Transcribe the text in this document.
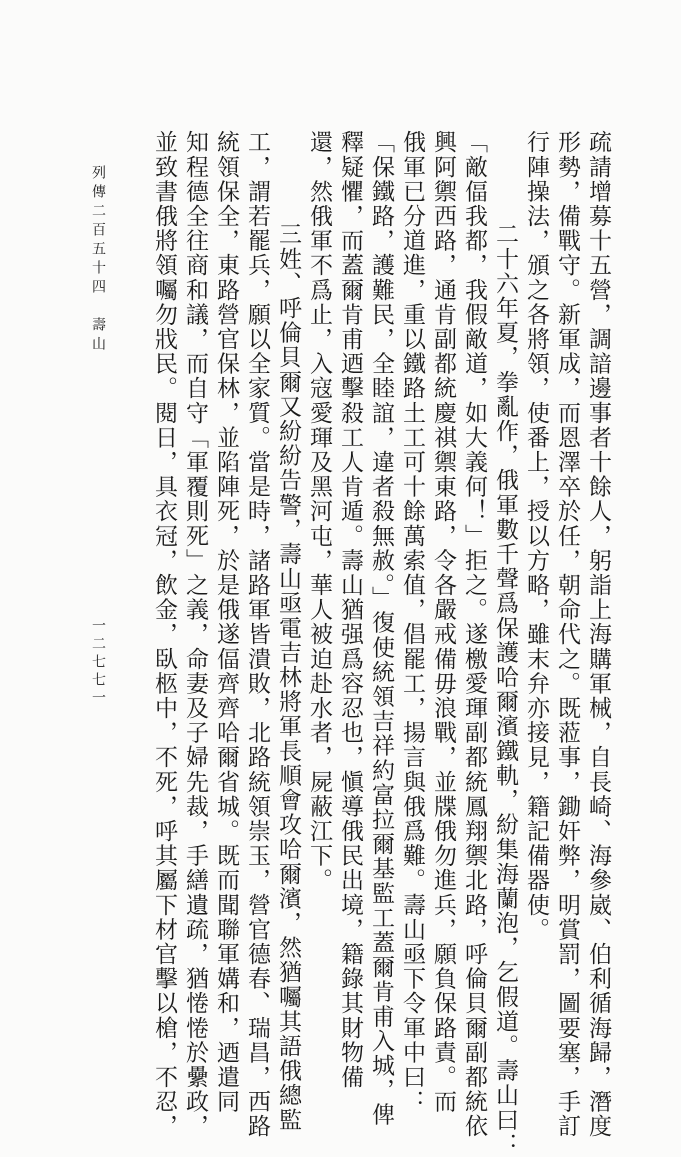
疏請增募十五營，調諳邊事者十餘人，躬詣上海購軍械，自長崎、海參崴、伯利循海歸，潛度
形勢，備戰守。新軍成，而恩澤卒於任，朝命代之。既蒞事，鋤奸弊，明賞罰，圖要塞，手訂
行陣操法，頒之各將領，使番上，授以方略，雖末弁亦接見，籍記備器使。
二十六年夏，拳亂作，俄軍數千聲爲保護哈爾濱鐵軌，紛集海蘭泡，乞假道。壽山曰：
「敵偪我都，我假敵道，如大義何！」拒之。遂檄愛琿副都統鳳翔禦北路，呼倫貝爾副都統依
興阿禦西路，通肯副都統慶祺禦東路，令各嚴戒備毋浪戰，並牒俄勿進兵，願負保路責。而
俄軍已分道進，重以鐵路土工可十餘萬索值，倡罷工，揚言與俄爲難。壽山亟下令軍中曰：
「保鐵路，護難民，全睦誼，違者殺無赦。」復使統領吉祥約富拉爾基監工蓋爾肯甫入城，俾
釋疑懼，而蓋爾肯甫迺擊殺工人肯遁。壽山猶强爲容忍也，愼導俄民出境，籍錄其財物備
還，然俄軍不爲止，入寇愛琿及黑河屯，華人被迫赴水者，屍蔽江下。
三姓、呼倫貝爾又紛紛告警，壽山亟電吉林將軍長順會攻哈爾濱，然猶囑其語俄總監
工，謂若罷兵，願以全家質。當是時，諸路軍皆潰敗，北路統領崇玉，營官德春、瑞昌，西路
統領保全，東路營官保林，並陷陣死，於是俄遂偪齊齊哈爾省城。既而聞聯軍媾和，迺遣同
知程德全往商和議，而自守「軍覆則死」之義，命妻及子婦先裁，手繕遺疏，猶惓惓於纍政，
並致書俄將領囑勿戕民。閱日，具衣冠，飲金，臥柩中，不死，呼其屬下材官擊以槍，不忍，
列傳二百五十四　壽山
一二七七一
